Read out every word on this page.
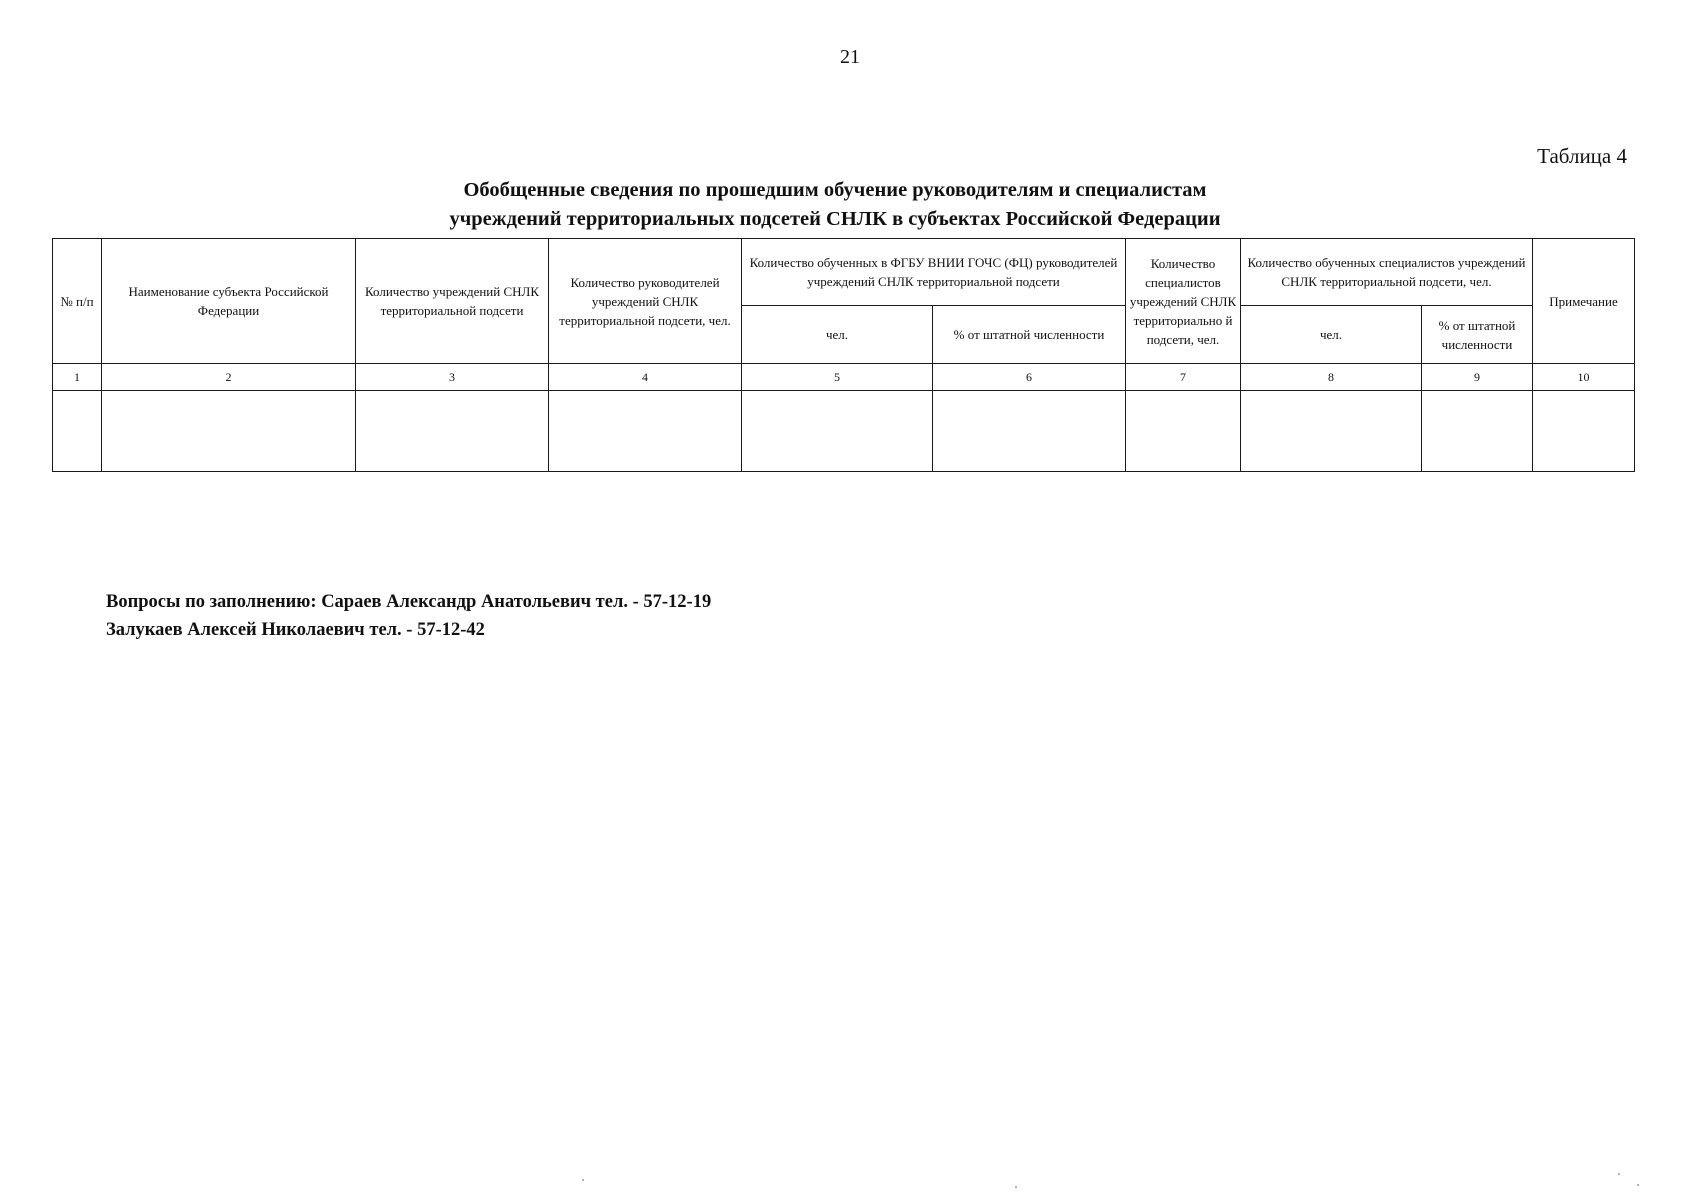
21
Таблица 4
Обобщенные сведения по прошедшим обучение руководителям и специалистам
учреждений территориальных подсетей СНЛК в субъектах Российской Федерации
№ п/п	Наименование субъекта Российской Федерации	Количество учреждений СНЛК территориальной подсети	Количество руководителей учреждений СНЛК территориальной подсети, чел.	Количество обученных в ФГБУ ВНИИ ГОЧС (ФЦ) руководителей учреждений СНЛК территориальной подсети		Количество специалистов учреждений СНЛК территориально й подсети, чел.	Количество обученных специалистов учреждений СНЛК территориальной подсети, чел.		Примечание
				чел.	% от штатной численности		чел.	% от штатной численности	
1	2	3	4	5	6	7	8	9	10

Вопросы по заполнению: Сараев Александр Анатольевич тел. - 57-12-19
Залукаев Алексей Николаевич тел. - 57-12-42
